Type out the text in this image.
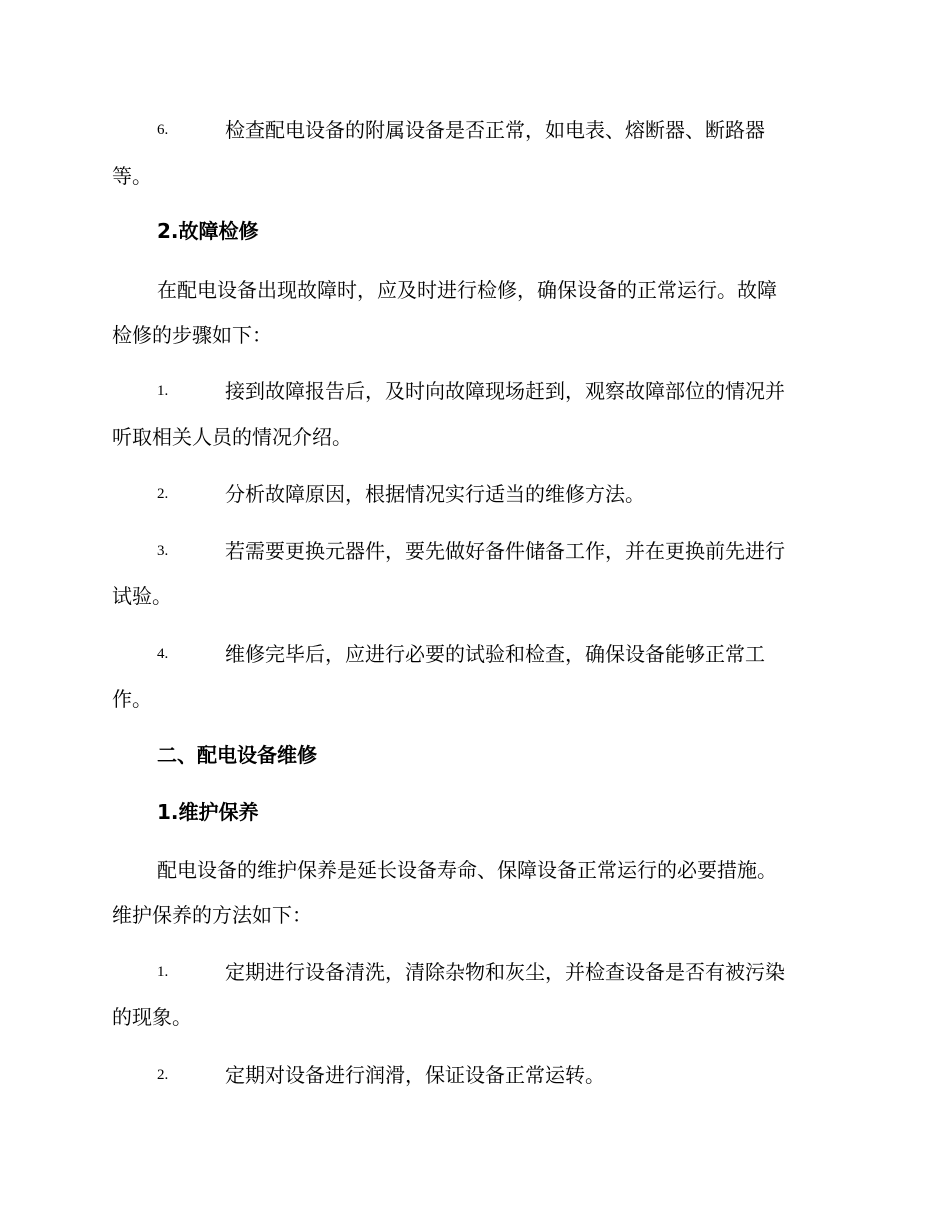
6.	检查配电设备的附属设备是否正常，如电表、熔断器、断路器
等。
2.故障检修
在配电设备出现故障时，应及时进行检修，确保设备的正常运行。故障
检修的步骤如下：
1.	接到故障报告后，及时向故障现场赶到，观察故障部位的情况并
听取相关人员的情况介绍。
2.	分析故障原因，根据情况实行适当的维修方法。
3.	若需要更换元器件，要先做好备件储备工作，并在更换前先进行
试验。
4.	维修完毕后，应进行必要的试验和检查，确保设备能够正常工
作。
二、配电设备维修
1.维护保养
配电设备的维护保养是延长设备寿命、保障设备正常运行的必要措施。
维护保养的方法如下：
1.	定期进行设备清洗，清除杂物和灰尘，并检查设备是否有被污染
的现象。
2.	定期对设备进行润滑，保证设备正常运转。
